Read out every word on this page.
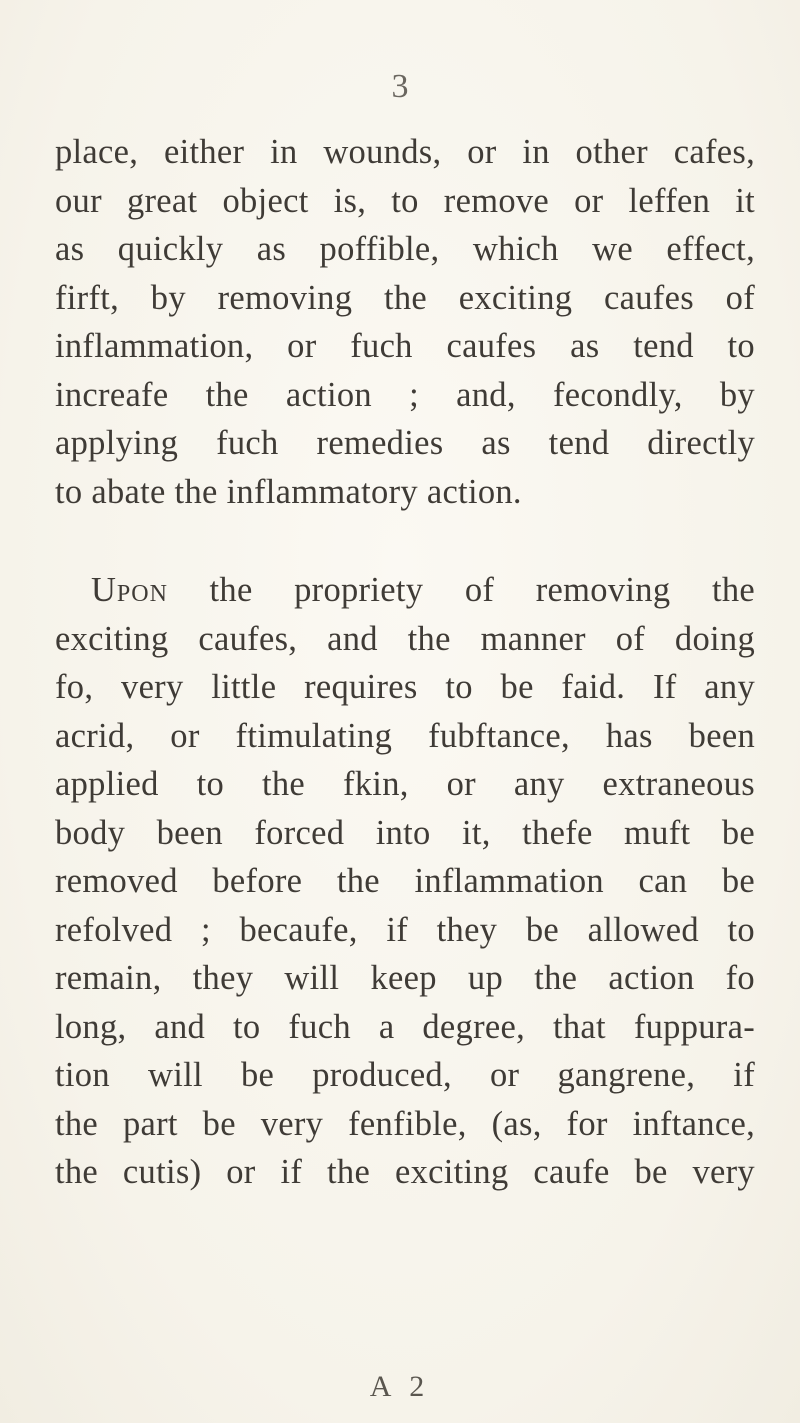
3
place, either in wounds, or in other cafes,
our great object is, to remove or leffen it
as quickly as poffible, which we effect,
firft, by removing the exciting caufes of
inflammation, or fuch caufes as tend to
increafe the action ; and, fecondly, by
applying fuch remedies as tend directly
to abate the inflammatory action.
Upon the propriety of removing the
exciting caufes, and the manner of doing
fo, very little requires to be faid. If any
acrid, or ftimulating fubftance, has been
applied to the fkin, or any extraneous
body been forced into it, thefe muft be
removed before the inflammation can be
refolved ; becaufe, if they be allowed to
remain, they will keep up the action fo
long, and to fuch a degree, that fuppura-
tion will be produced, or gangrene, if
the part be very fenfible, (as, for inftance,
the cutis) or if the exciting caufe be very
A 2
